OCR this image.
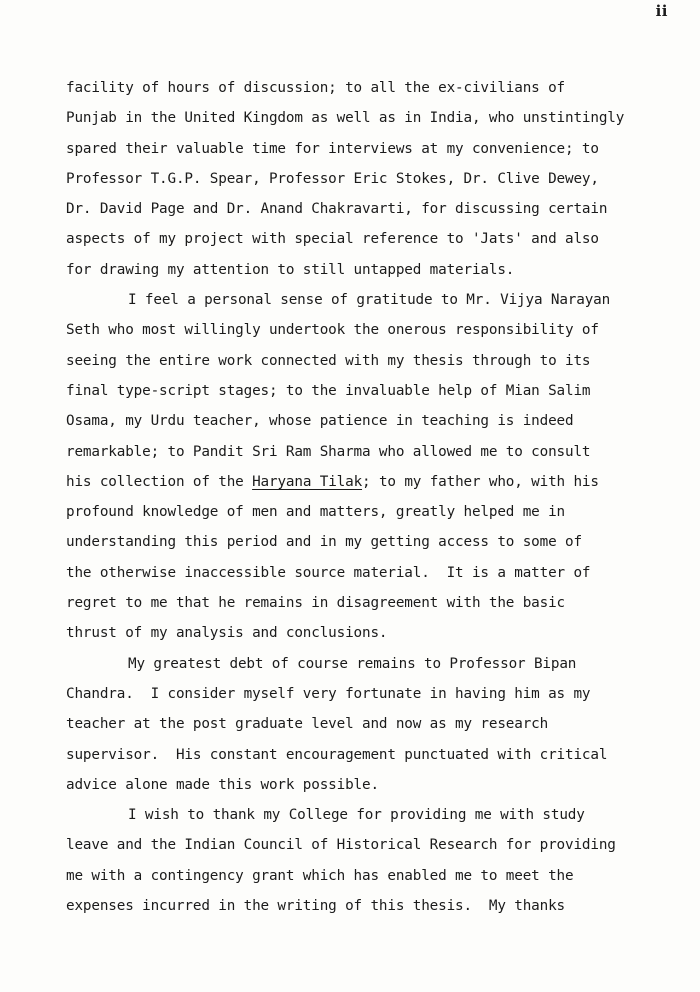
ii
facility of hours of discussion; to all the ex-civilians of
Punjab in the United Kingdom as well as in India, who unstintingly
spared their valuable time for interviews at my convenience; to
Professor T.G.P. Spear, Professor Eric Stokes, Dr. Clive Dewey,
Dr. David Page and Dr. Anand Chakravarti, for discussing certain
aspects of my project with special reference to 'Jats' and also
for drawing my attention to still untapped materials.
I feel a personal sense of gratitude to Mr. Vijya Narayan
Seth who most willingly undertook the onerous responsibility of
seeing the entire work connected with my thesis through to its
final type-script stages; to the invaluable help of Mian Salim
Osama, my Urdu teacher, whose patience in teaching is indeed
remarkable; to Pandit Sri Ram Sharma who allowed me to consult
his collection of the Haryana Tilak; to my father who, with his
profound knowledge of men and matters, greatly helped me in
understanding this period and in my getting access to some of
the otherwise inaccessible source material.  It is a matter of
regret to me that he remains in disagreement with the basic
thrust of my analysis and conclusions.
My greatest debt of course remains to Professor Bipan
Chandra.  I consider myself very fortunate in having him as my
teacher at the post graduate level and now as my research
supervisor.  His constant encouragement punctuated with critical
advice alone made this work possible.
I wish to thank my College for providing me with study
leave and the Indian Council of Historical Research for providing
me with a contingency grant which has enabled me to meet the
expenses incurred in the writing of this thesis.  My thanks
